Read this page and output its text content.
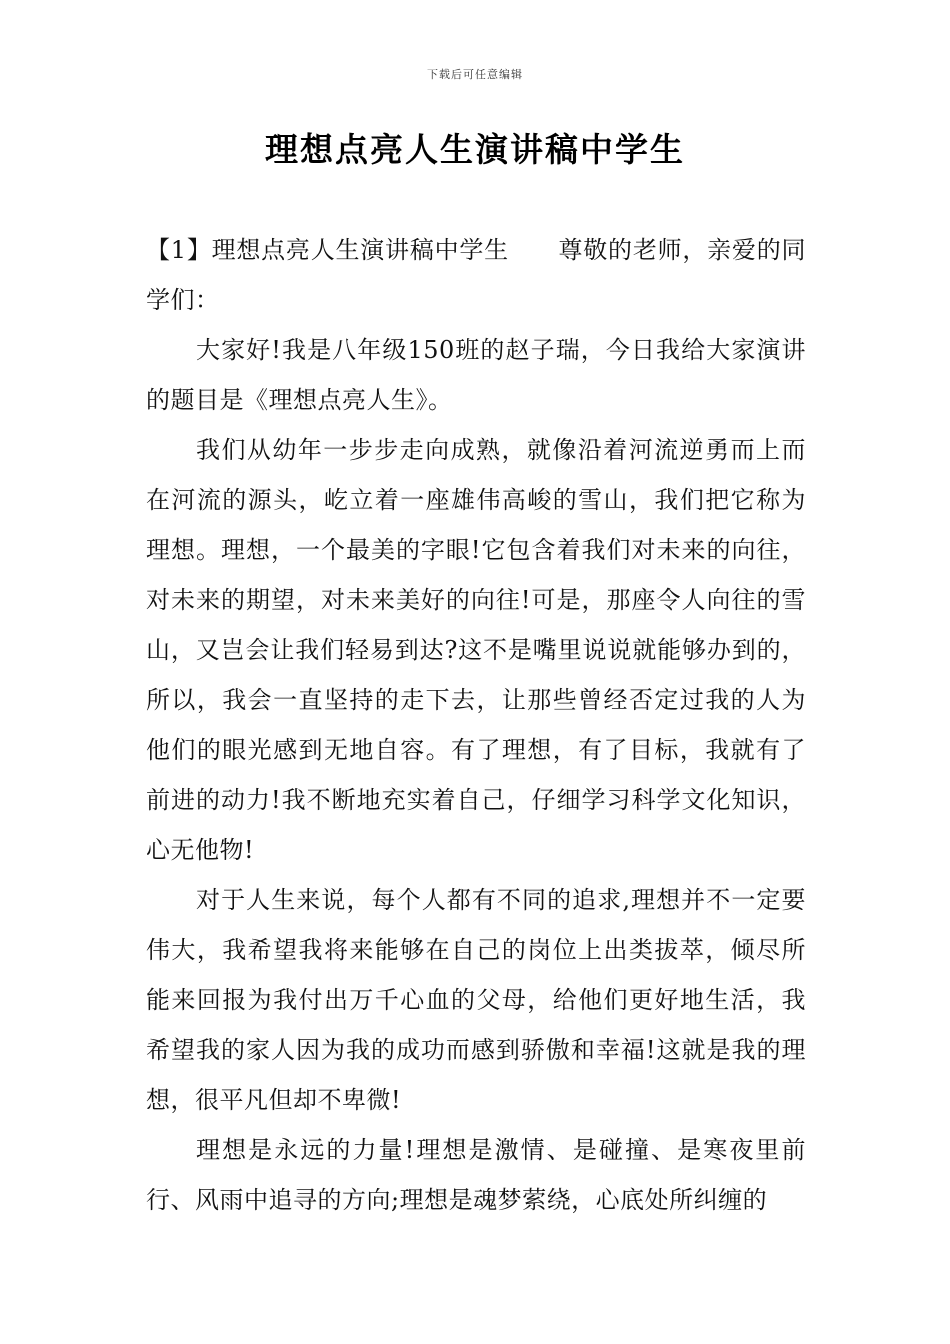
下载后可任意编辑
理想点亮人生演讲稿中学生

【1】理想点亮人生演讲稿中学生　　尊敬的老师，亲爱的同学们：

大家好!我是八年级150班的赵子瑞，今日我给大家演讲的题目是《理想点亮人生》。

我们从幼年一步步走向成熟，就像沿着河流逆勇而上而在河流的源头，屹立着一座雄伟高峻的雪山，我们把它称为理想。理想，一个最美的字眼!它包含着我们对未来的向往，对未来的期望，对未来美好的向往!可是，那座令人向往的雪山，又岂会让我们轻易到达?这不是嘴里说说就能够办到的，所以，我会一直坚持的走下去，让那些曾经否定过我的人为他们的眼光感到无地自容。有了理想，有了目标，我就有了前进的动力!我不断地充实着自己，仔细学习科学文化知识，心无他物!

对于人生来说，每个人都有不同的追求,理想并不一定要伟大，我希望我将来能够在自己的岗位上出类拔萃，倾尽所能来回报为我付出万千心血的父母，给他们更好地生活，我希望我的家人因为我的成功而感到骄傲和幸福!这就是我的理想，很平凡但却不卑微!

理想是永远的力量!理想是激情、是碰撞、是寒夜里前行、风雨中追寻的方向;理想是魂梦萦绕，心底处所纠缠的
